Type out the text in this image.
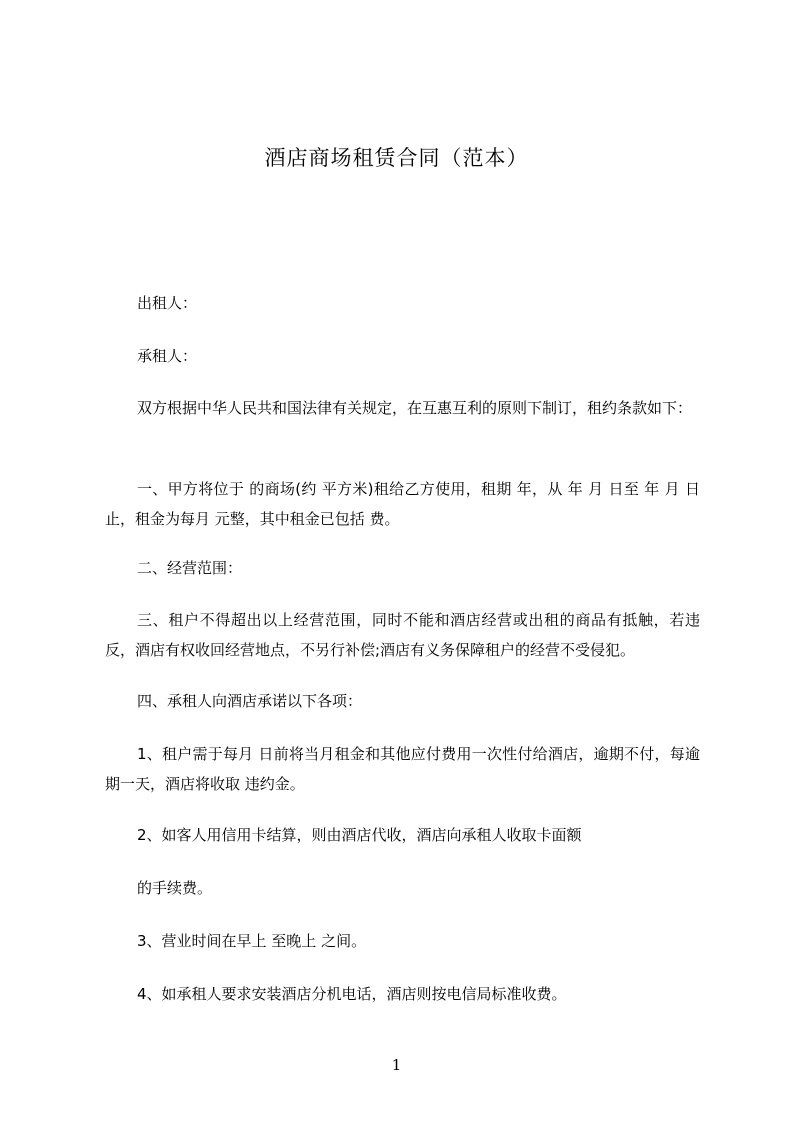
酒店商场租赁合同（范本）
出租人：
承租人：
双方根据中华人民共和国法律有关规定，在互惠互利的原则下制订，租约条款如下：
一、甲方将位于 的商场(约 平方米)租给乙方使用，租期 年，从 年 月 日至 年 月 日止，租金为每月 元整，其中租金已包括 费。
二、经营范围：
三、租户不得超出以上经营范围，同时不能和酒店经营或出租的商品有抵触，若违反，酒店有权收回经营地点，不另行补偿;酒店有义务保障租户的经营不受侵犯。
四、承租人向酒店承诺以下各项：
1、租户需于每月 日前将当月租金和其他应付费用一次性付给酒店，逾期不付，每逾期一天，酒店将收取 违约金。
2、如客人用信用卡结算，则由酒店代收，酒店向承租人收取卡面额
的手续费。
3、营业时间在早上 至晚上 之间。
4、如承租人要求安装酒店分机电话，酒店则按电信局标准收费。
1
